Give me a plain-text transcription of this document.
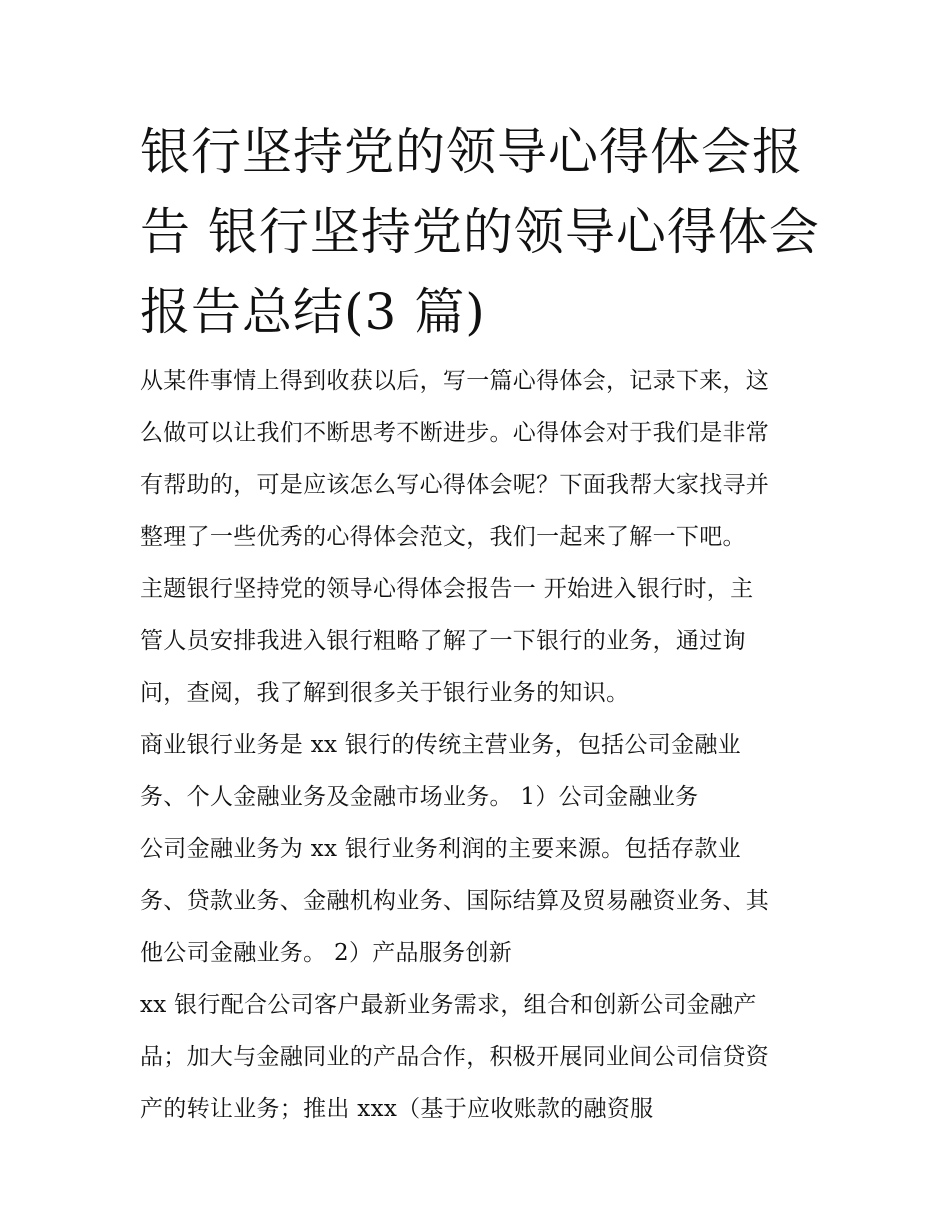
银行坚持党的领导心得体会报
告 银行坚持党的领导心得体会
报告总结(3 篇)
从某件事情上得到收获以后，写一篇心得体会，记录下来，这
么做可以让我们不断思考不断进步。心得体会对于我们是非常
有帮助的，可是应该怎么写心得体会呢？下面我帮大家找寻并
整理了一些优秀的心得体会范文，我们一起来了解一下吧。
主题银行坚持党的领导心得体会报告一 开始进入银行时，主
管人员安排我进入银行粗略了解了一下银行的业务，通过询
问，查阅，我了解到很多关于银行业务的知识。
商业银行业务是 xx 银行的传统主营业务，包括公司金融业
务、个人金融业务及金融市场业务。 1）公司金融业务
公司金融业务为 xx 银行业务利润的主要来源。包括存款业
务、贷款业务、金融机构业务、国际结算及贸易融资业务、其
他公司金融业务。 2）产品服务创新
xx 银行配合公司客户最新业务需求，组合和创新公司金融产
品；加大与金融同业的产品合作，积极开展同业间公司信贷资
产的转让业务；推出 xxx（基于应收账款的融资服
